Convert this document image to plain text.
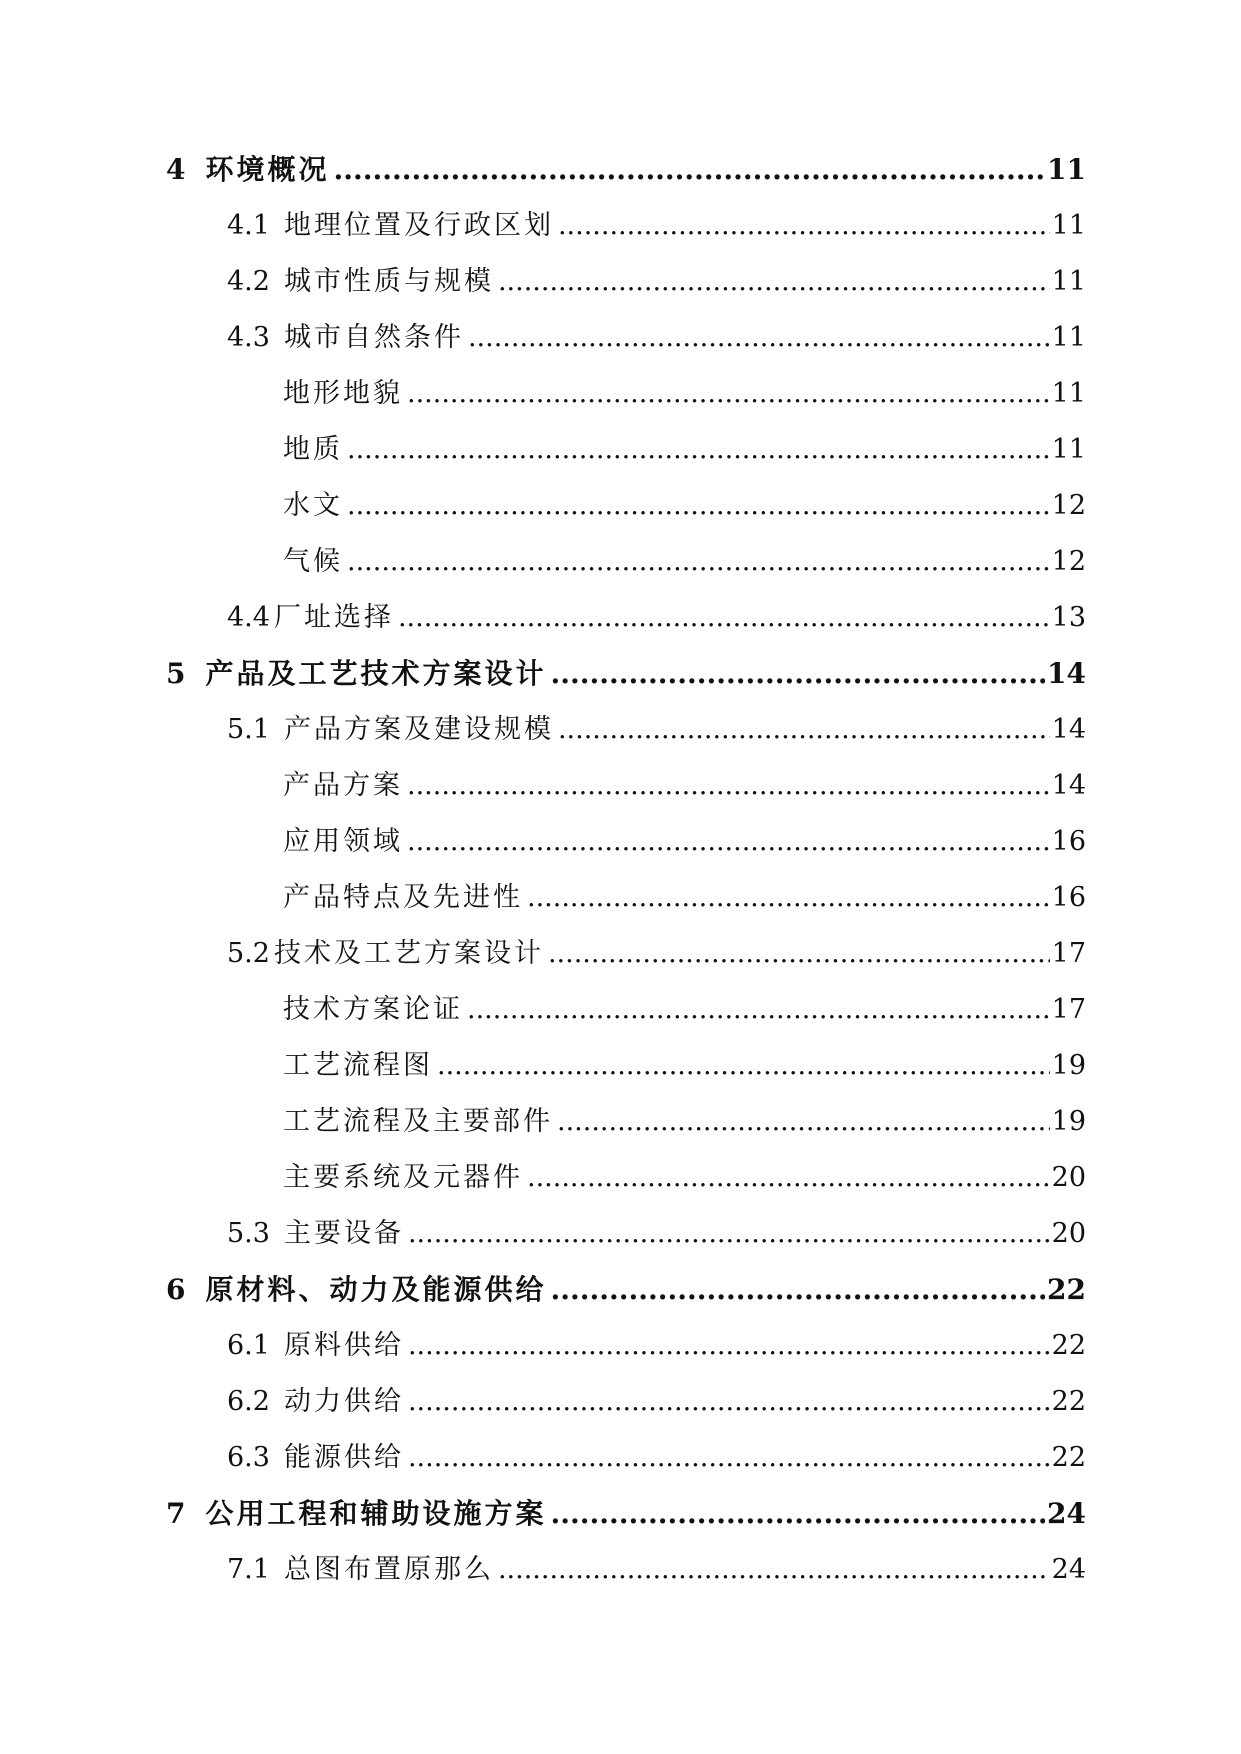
4 环境概况 .....	11
4.1 地理位置及行政区划 .....	11
4.2 城市性质与规模 .....	11
4.3 城市自然条件 .....	11
地形地貌 .....	11
地质 .....	11
水文 .....	12
气候 .....	12
4.4 厂址选择 .....	13
5 产品及工艺技术方案设计 .....	14
5.1 产品方案及建设规模 .....	14
产品方案 .....	14
应用领域 .....	16
产品特点及先进性 .....	16
5.2 技术及工艺方案设计 .....	17
技术方案论证 .....	17
工艺流程图 .....	19
工艺流程及主要部件 .....	19
主要系统及元器件 .....	20
5.3 主要设备 .....	20
6 原材料、动力及能源供给 .....	22
6.1 原料供给 .....	22
6.2 动力供给 .....	22
6.3 能源供给 .....	22
7 公用工程和辅助设施方案 .....	24
7.1 总图布置原那么 .....	24
